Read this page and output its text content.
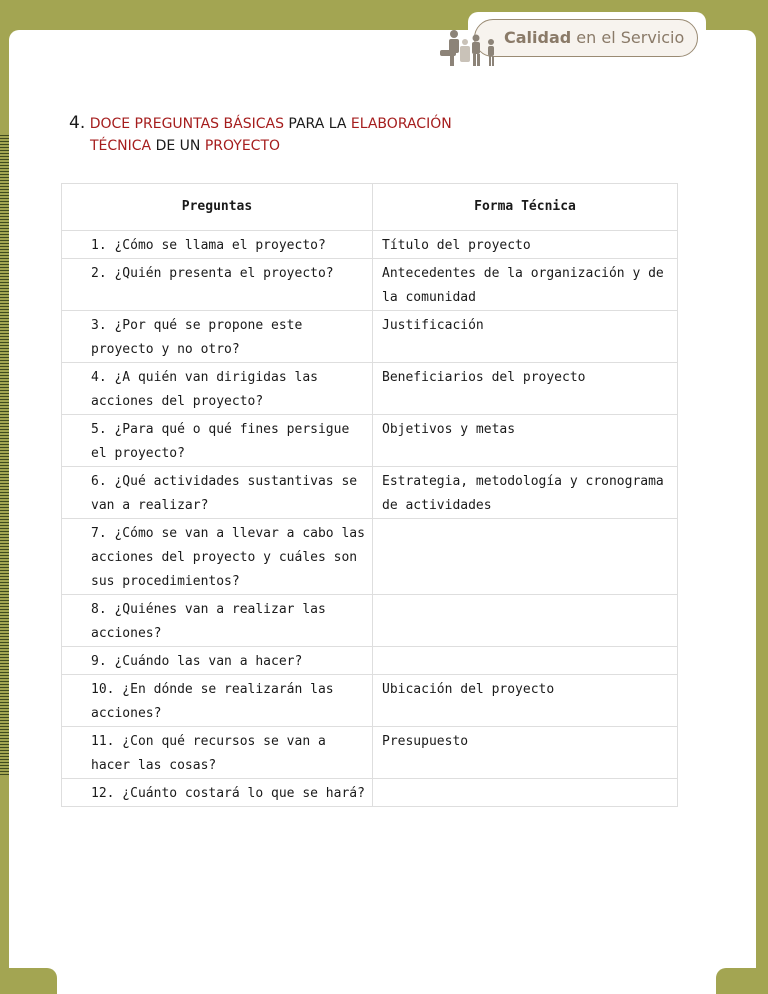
Calidad en el Servicio
4. DOCE PREGUNTAS BÁSICAS PARA LA ELABORACIÓN
TÉCNICA DE UN PROYECTO
Preguntas	Forma Técnica
1. ¿Cómo se llama el proyecto?	Título del proyecto
2. ¿Quién presenta el proyecto?	Antecedentes de la organización y de la comunidad
3. ¿Por qué se propone este proyecto y no otro?	Justificación
4. ¿A quién van dirigidas las acciones del proyecto?	Beneficiarios del proyecto
5. ¿Para qué o qué fines persigue el proyecto?	Objetivos y metas
6. ¿Qué actividades sustantivas se van a realizar?	Estrategia, metodología y cronograma de actividades
7. ¿Cómo se van a llevar a cabo las acciones del proyecto y cuáles son sus procedimientos?	
8. ¿Quiénes van a realizar las acciones?	
9. ¿Cuándo las van a hacer?	
10. ¿En dónde se realizarán las acciones?	Ubicación del proyecto
11. ¿Con qué recursos se van a hacer las cosas?	Presupuesto
12. ¿Cuánto costará lo que se hará?	
